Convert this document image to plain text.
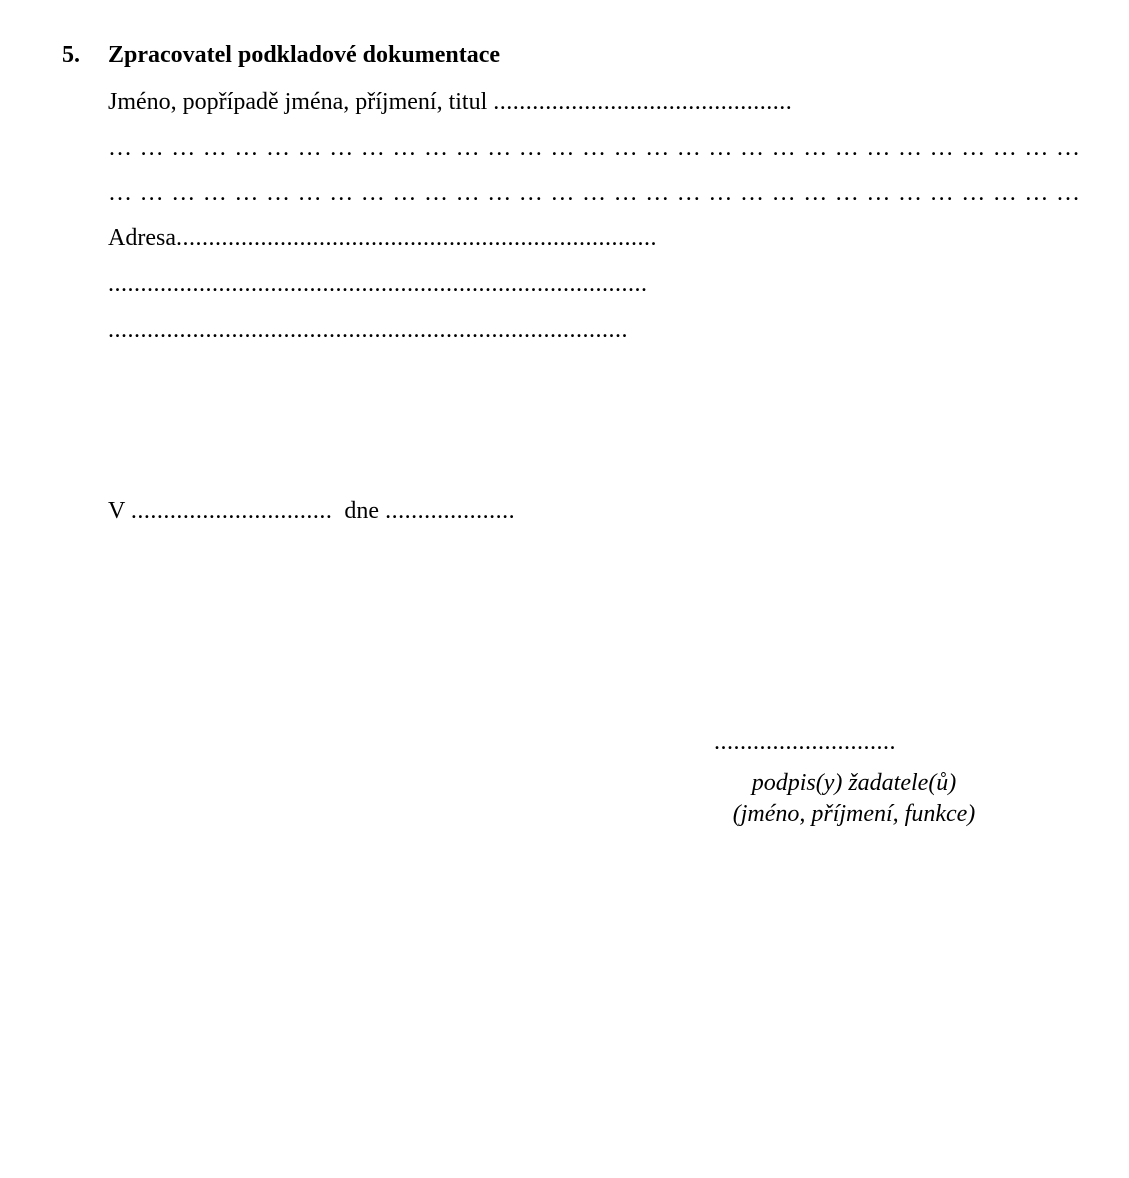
5. Zpracovatel podkladové dokumentace
Jméno, popřípadě jména, příjmení, titul ..............................................
… … … … … … … … … … … … … … … … … … … … … … … … … … … … … … …
… … … … … … … … … … … … … … … … … … … … … … … … … … … … … … …
Adresa..........................................................................
...................................................................................
................................................................................
V ............................... dne ....................
............................
podpis(y) žadatele(ů)
(jméno, příjmení, funkce)
